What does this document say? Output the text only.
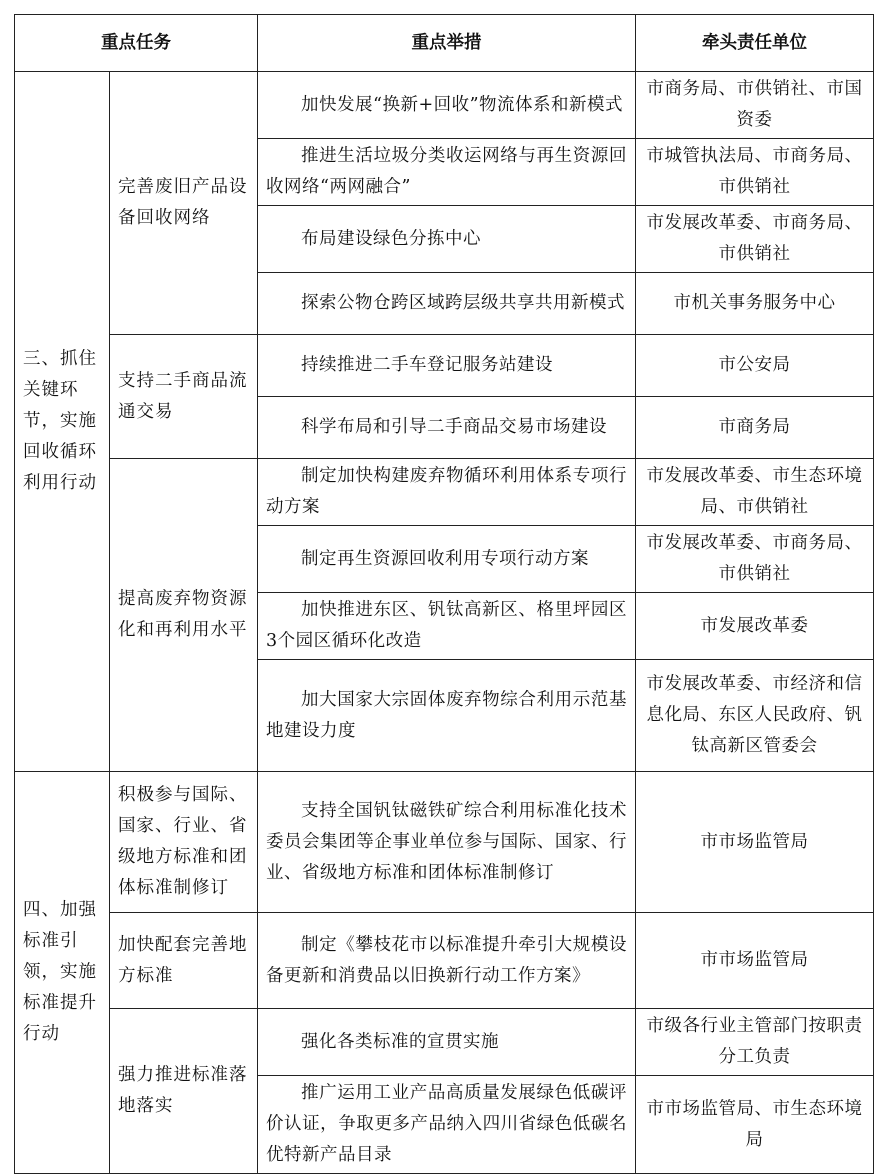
重点任务		重点举措	牵头责任单位
三、抓住关键环节，实施回收循环利用行动	完善废旧产品设备回收网络	加快发展“换新+回收”物流体系和新模式	市商务局、市供销社、市国资委
		推进生活垃圾分类收运网络与再生资源回收网络“两网融合”	市城管执法局、市商务局、市供销社
		布局建设绿色分拣中心	市发展改革委、市商务局、市供销社
		探索公物仓跨区域跨层级共享共用新模式	市机关事务服务中心
	支持二手商品流通交易	持续推进二手车登记服务站建设	市公安局
		科学布局和引导二手商品交易市场建设	市商务局
	提高废弃物资源化和再利用水平	制定加快构建废弃物循环利用体系专项行动方案	市发展改革委、市生态环境局、市供销社
		制定再生资源回收利用专项行动方案	市发展改革委、市商务局、市供销社
		加快推进东区、钒钛高新区、格里坪园区3个园区循环化改造	市发展改革委
		加大国家大宗固体废弃物综合利用示范基地建设力度	市发展改革委、市经济和信息化局、东区人民政府、钒钛高新区管委会
四、加强标准引领，实施标准提升行动	积极参与国际、国家、行业、省级地方标准和团体标准制修订	支持全国钒钛磁铁矿综合利用标准化技术委员会集团等企事业单位参与国际、国家、行业、省级地方标准和团体标准制修订	市市场监管局
	加快配套完善地方标准	制定《攀枝花市以标准提升牵引大规模设备更新和消费品以旧换新行动工作方案》	市市场监管局
	强力推进标准落地落实	强化各类标准的宣贯实施	市级各行业主管部门按职责分工负责
		推广运用工业产品高质量发展绿色低碳评价认证，争取更多产品纳入四川省绿色低碳名优特新产品目录	市市场监管局、市生态环境局
